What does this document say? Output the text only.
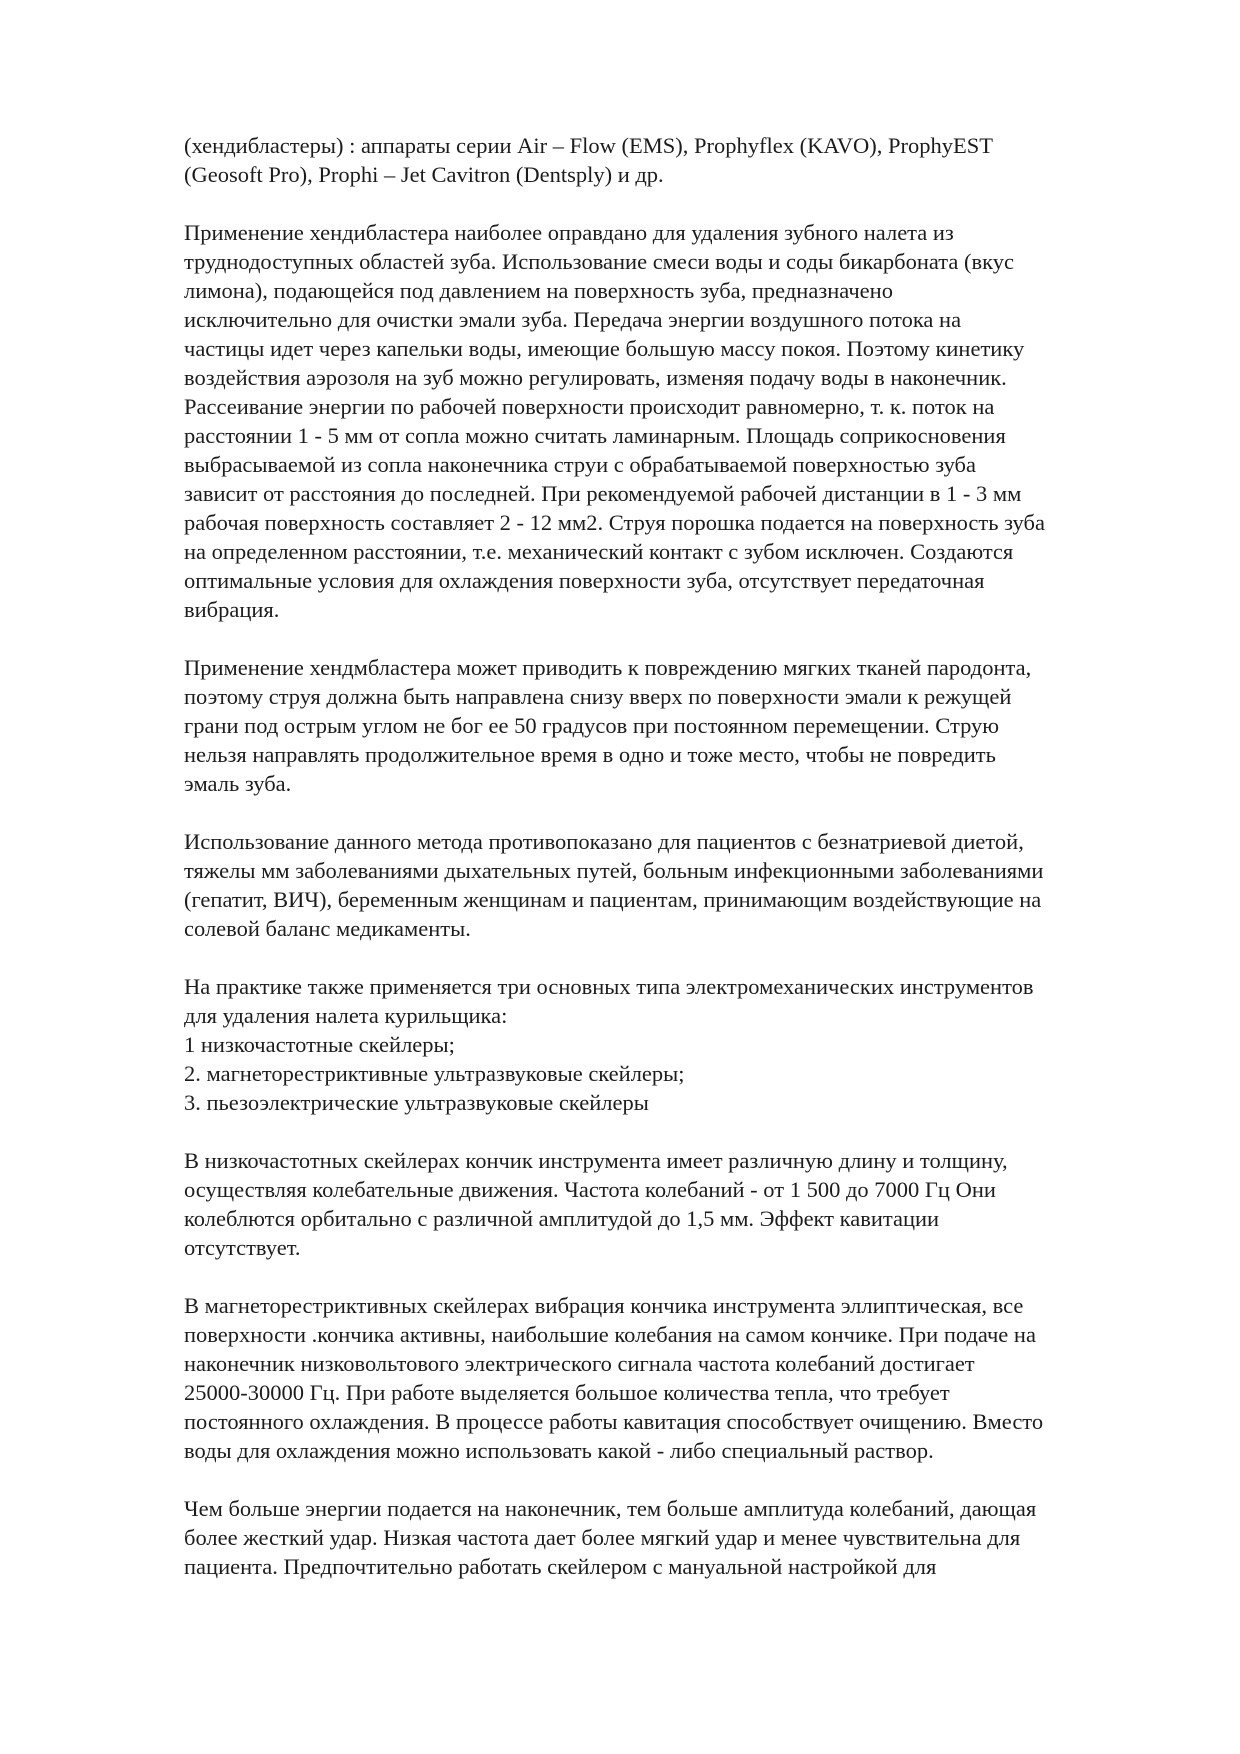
(хендибластеры) : аппараты серии Air – Flow (EMS), Prophyflex (KAVO), ProphyEST
(Geosoft Pro), Prophi – Jet Cavitron (Dentsply) и др.

Применение хендибластера наиболее оправдано для удаления зубного налета из
труднодоступных областей зуба. Использование смеси воды и соды бикарбоната (вкус
лимона), подающейся под давлением на поверхность зуба, предназначено
исключительно для очистки эмали зуба. Передача энергии воздушного потока на
частицы идет через капельки воды, имеющие большую массу покоя. Поэтому кинетику
воздействия аэрозоля на зуб можно регулировать, изменяя подачу воды в наконечник.
Рассеивание энергии по рабочей поверхности происходит равномерно, т. к. поток на
расстоянии 1 - 5 мм от сопла можно считать ламинарным. Площадь соприкосновения
выбрасываемой из сопла наконечника струи с обрабатываемой поверхностью зуба
зависит от расстояния до последней. При рекомендуемой рабочей дистанции в 1 - 3 мм
рабочая поверхность составляет 2 - 12 мм2. Струя порошка подается на поверхность зуба
на определенном расстоянии, т.е. механический контакт с зубом исключен. Создаются
оптимальные условия для охлаждения поверхности зуба, отсутствует передаточная
вибрация.

Применение хендмбластера может приводить к повреждению мягких тканей пародонта,
поэтому струя должна быть направлена снизу вверх по поверхности эмали к режущей
грани под острым углом не бог ее 50 градусов при постоянном перемещении. Струю
нельзя направлять продолжительное время в одно и тоже место, чтобы не повредить
эмаль зуба.

Использование данного метода противопоказано для пациентов с безнатриевой диетой,
тяжелы мм заболеваниями дыхательных путей, больным инфекционными заболеваниями
(гепатит, ВИЧ), беременным женщинам и пациентам, принимающим воздействующие на
солевой баланс медикаменты.

На практике также применяется три основных типа электромеханических инструментов
для удаления налета курильщика:
1 низкочастотные скейлеры;
2. магнеторестриктивные ультразвуковые скейлеры;
3. пьезоэлектрические ультразвуковые скейлеры

В низкочастотных скейлерах кончик инструмента имеет различную длину и толщину,
осуществляя колебательные движения. Частота колебаний - от 1 500 до 7000 Гц Они
колеблются орбитально с различной амплитудой до 1,5 мм. Эффект кавитации
отсутствует.

В магнеторестриктивных скейлерах вибрация кончика инструмента эллиптическая, все
поверхности .кончика активны, наибольшие колебания на самом кончике. При подаче на
наконечник низковольтового электрического сигнала частота колебаний достигает
25000-30000 Гц. При работе выделяется большое количества тепла, что требует
постоянного охлаждения. В процессе работы кавитация способствует очищению. Вместо
воды для охлаждения можно использовать какой - либо специальный раствор.

Чем больше энергии подается на наконечник, тем больше амплитуда колебаний, дающая
более жесткий удар. Низкая частота дает более мягкий удар и менее чувствительна для
пациента. Предпочтительно работать скейлером с мануальной настройкой для
